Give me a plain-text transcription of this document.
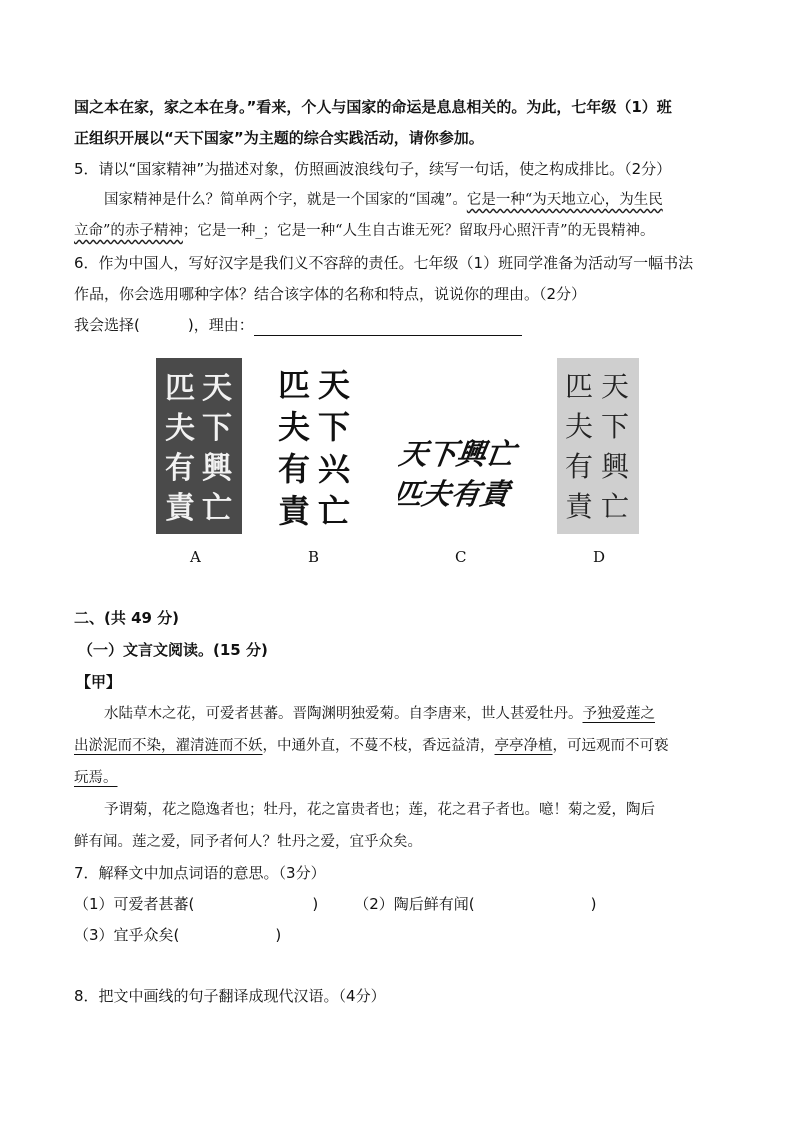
国之本在家，家之本在身。”看来，个人与国家的命运是息息相关的。为此，七年级（1）班
正组织开展以“天下国家”为主题的综合实践活动，请你参加。
5．请以“国家精神”为描述对象，仿照画波浪线句子，续写一句话，使之构成排比。（2分）
国家精神是什么？简单两个字，就是一个国家的“国魂”。它是一种“为天地立心，为生民
立命”的赤子精神；它是一种_；它是一种“人生自古谁无死？留取丹心照汗青”的无畏精神。
6．作为中国人，写好汉字是我们义不容辞的责任。七年级（1）班同学准备为活动写一幅书法
作品，你会选用哪种字体？结合该字体的名称和特点，说说你的理由。（2分）
我会选择(	)，理由：
天
下
興
亡
匹
夫
有
責
天
下
兴
亡
匹
夫
有
責
天下興亡
匹夫有責
天
下
興
亡
匹
夫
有
責
A	B	C	D
二、(共 49 分)
（一）文言文阅读。(15 分)
【甲】
水陆草木之花，可爱者甚蕃。晋陶渊明独爱菊。自李唐来，世人甚爱牡丹。予独爱莲之
出淤泥而不染，濯清涟而不妖，中通外直，不蔓不枝，香远益清，亭亭净植，可远观而不可亵
玩焉。
予谓菊，花之隐逸者也；牡丹，花之富贵者也；莲，花之君子者也。噫！菊之爱，陶后
鲜有闻。莲之爱，同予者何人？牡丹之爱，宜乎众矣。
7．解释文中加点词语的意思。（3分）
（1）可爱者甚蕃(	) （2）陶后鲜有闻(	)
（3）宜乎众矣(	)
8．把文中画线的句子翻译成现代汉语。（4分）
